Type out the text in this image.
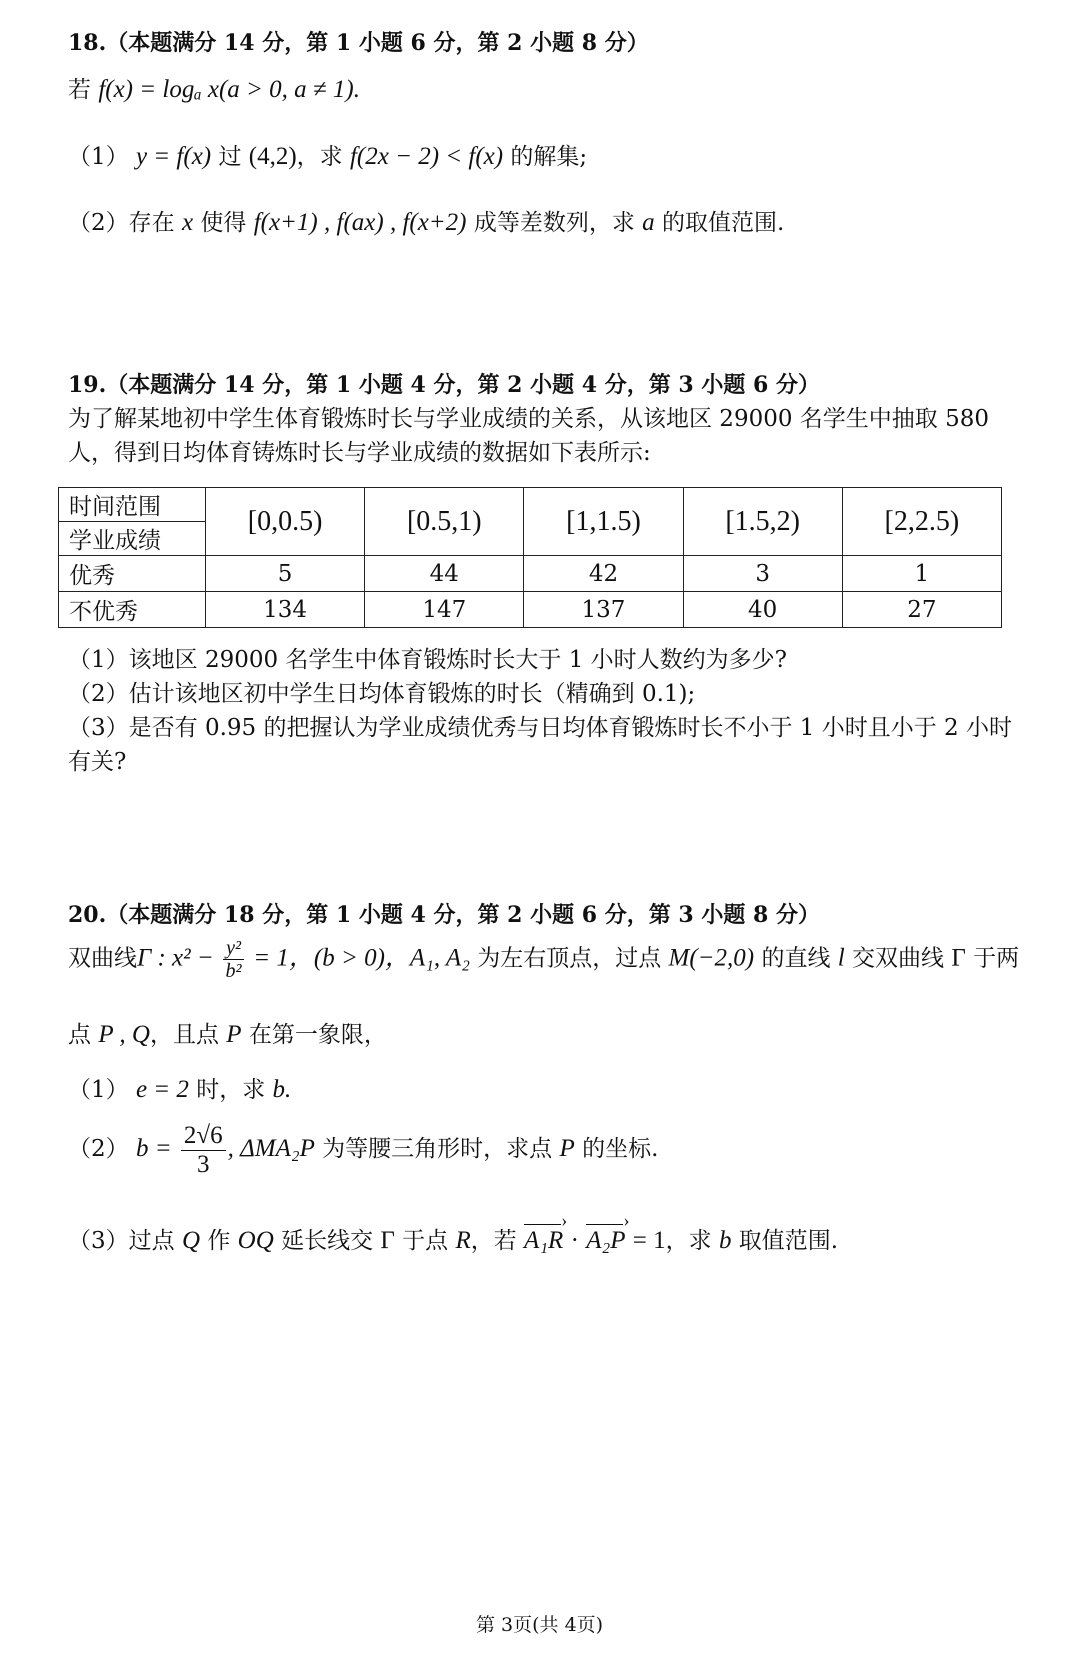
18.（本题满分 14 分，第 1 小题 6 分，第 2 小题 8 分）
若 f(x) = logₐ x(a > 0, a ≠ 1).
（1） y = f(x) 过 (4,2)，求 f(2x − 2) < f(x) 的解集;
（2）存在 x 使得 f(x+1) , f(ax) , f(x+2) 成等差数列，求 a 的取值范围.
19.（本题满分 14 分，第 1 小题 4 分，第 2 小题 4 分，第 3 小题 6 分）
为了解某地初中学生体育锻炼时长与学业成绩的关系，从该地区 29000 名学生中抽取 580
人，得到日均体育铸炼时长与学业成绩的数据如下表所示:
时间范围	[0,0.5)	[0.5,1)	[1,1.5)	[1.5,2)	[2,2.5)
学业成绩					
优秀	5	44	42	3	1
不优秀	134	147	137	40	27
（1）该地区 29000 名学生中体育锻炼时长大于 1 小时人数约为多少?
（2）估计该地区初中学生日均体育锻炼的时长（精确到 0.1);
（3）是否有 0.95 的把握认为学业成绩优秀与日均体育锻炼时长不小于 1 小时且小于 2 小时
有关?
20.（本题满分 18 分，第 1 小题 4 分，第 2 小题 6 分，第 3 小题 8 分）
双曲线Γ : $x^2 - \frac{\text{y²}}{\text{b²}} = 1$，(b > 0)，A₁, A₂ 为左右顶点，过点 M(−2,0) 的直线 l 交双曲线 Γ 于两
点 P , Q，且点 P 在第一象限，
（1） e = 2 时，求 b.
（2） $b = \frac{2√6}{3}$ , ΔMA₂P 为等腰三角形时，求点 P 的坐标.
（3）过点 Q 作 OQ 延长线交 Γ 于点 R，若 A₁R › · A₂P › = 1，求 b 取值范围.
第 3页(共 4页)
